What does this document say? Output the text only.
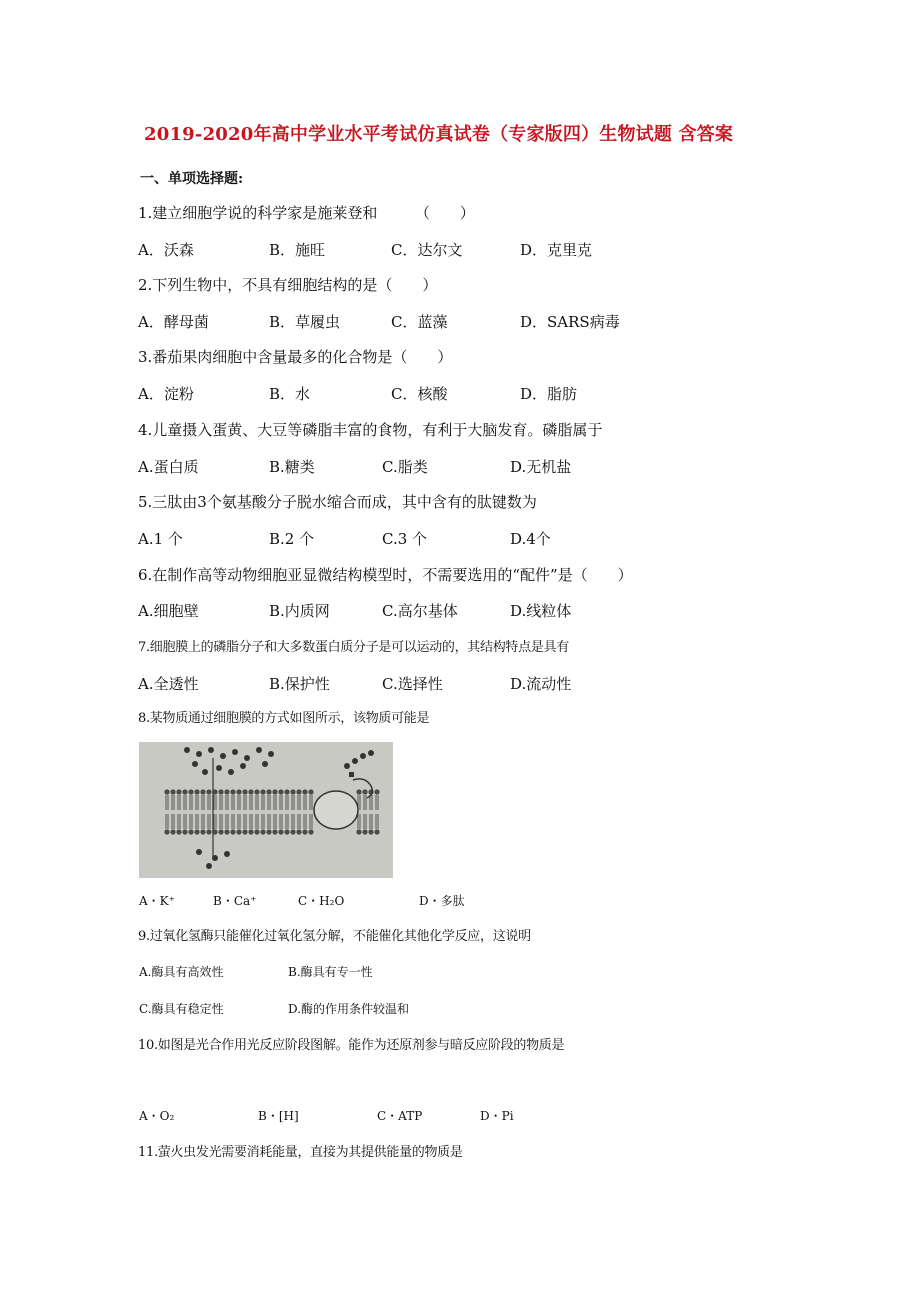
2019-2020年高中学业水平考试仿真试卷（专家版四）生物试题 含答案
一、单项选择题:
1.建立细胞学说的科学家是施莱登和　　　（　　）
A．沃森	B．施旺	C．达尔文	D．克里克
2.下列生物中，不具有细胞结构的是（　　）
A．酵母菌	B．草履虫	C．蓝藻	D．SARS病毒
3.番茄果肉细胞中含量最多的化合物是（　　）
A．淀粉	B．水	C．核酸	D．脂肪
4.儿童摄入蛋黄、大豆等磷脂丰富的食物，有利于大脑发育。磷脂属于
A.蛋白质	B.糖类	C.脂类	D.无机盐
5.三肽由3个氨基酸分子脱水缩合而成，其中含有的肽键数为
A.1 个	B.2 个	C.3 个	D.4个
6.在制作高等动物细胞亚显微结构模型时，不需要选用的“配件”是（　　）
A.细胞壁	B.内质网	C.高尔基体	D.线粒体
7.细胞膜上的磷脂分子和大多数蛋白质分子是可以运动的，其结构特点是具有
A.全透性	B.保护性	C.选择性	D.流动性
8.某物质通过细胞膜的方式如图所示，该物质可能是
A・K⁺	B・Ca⁺	C・H₂O	D・多肽
9.过氧化氢酶只能催化过氧化氢分解，不能催化其他化学反应，这说明
A.酶具有高效性	B.酶具有专一性
C.酶具有稳定性	D.酶的作用条件较温和
10.如图是光合作用光反应阶段图解。能作为还原剂参与暗反应阶段的物质是
A・O₂	B・[H]	C・ATP	D・Pi
11.萤火虫发光需要消耗能量，直接为其提供能量的物质是
